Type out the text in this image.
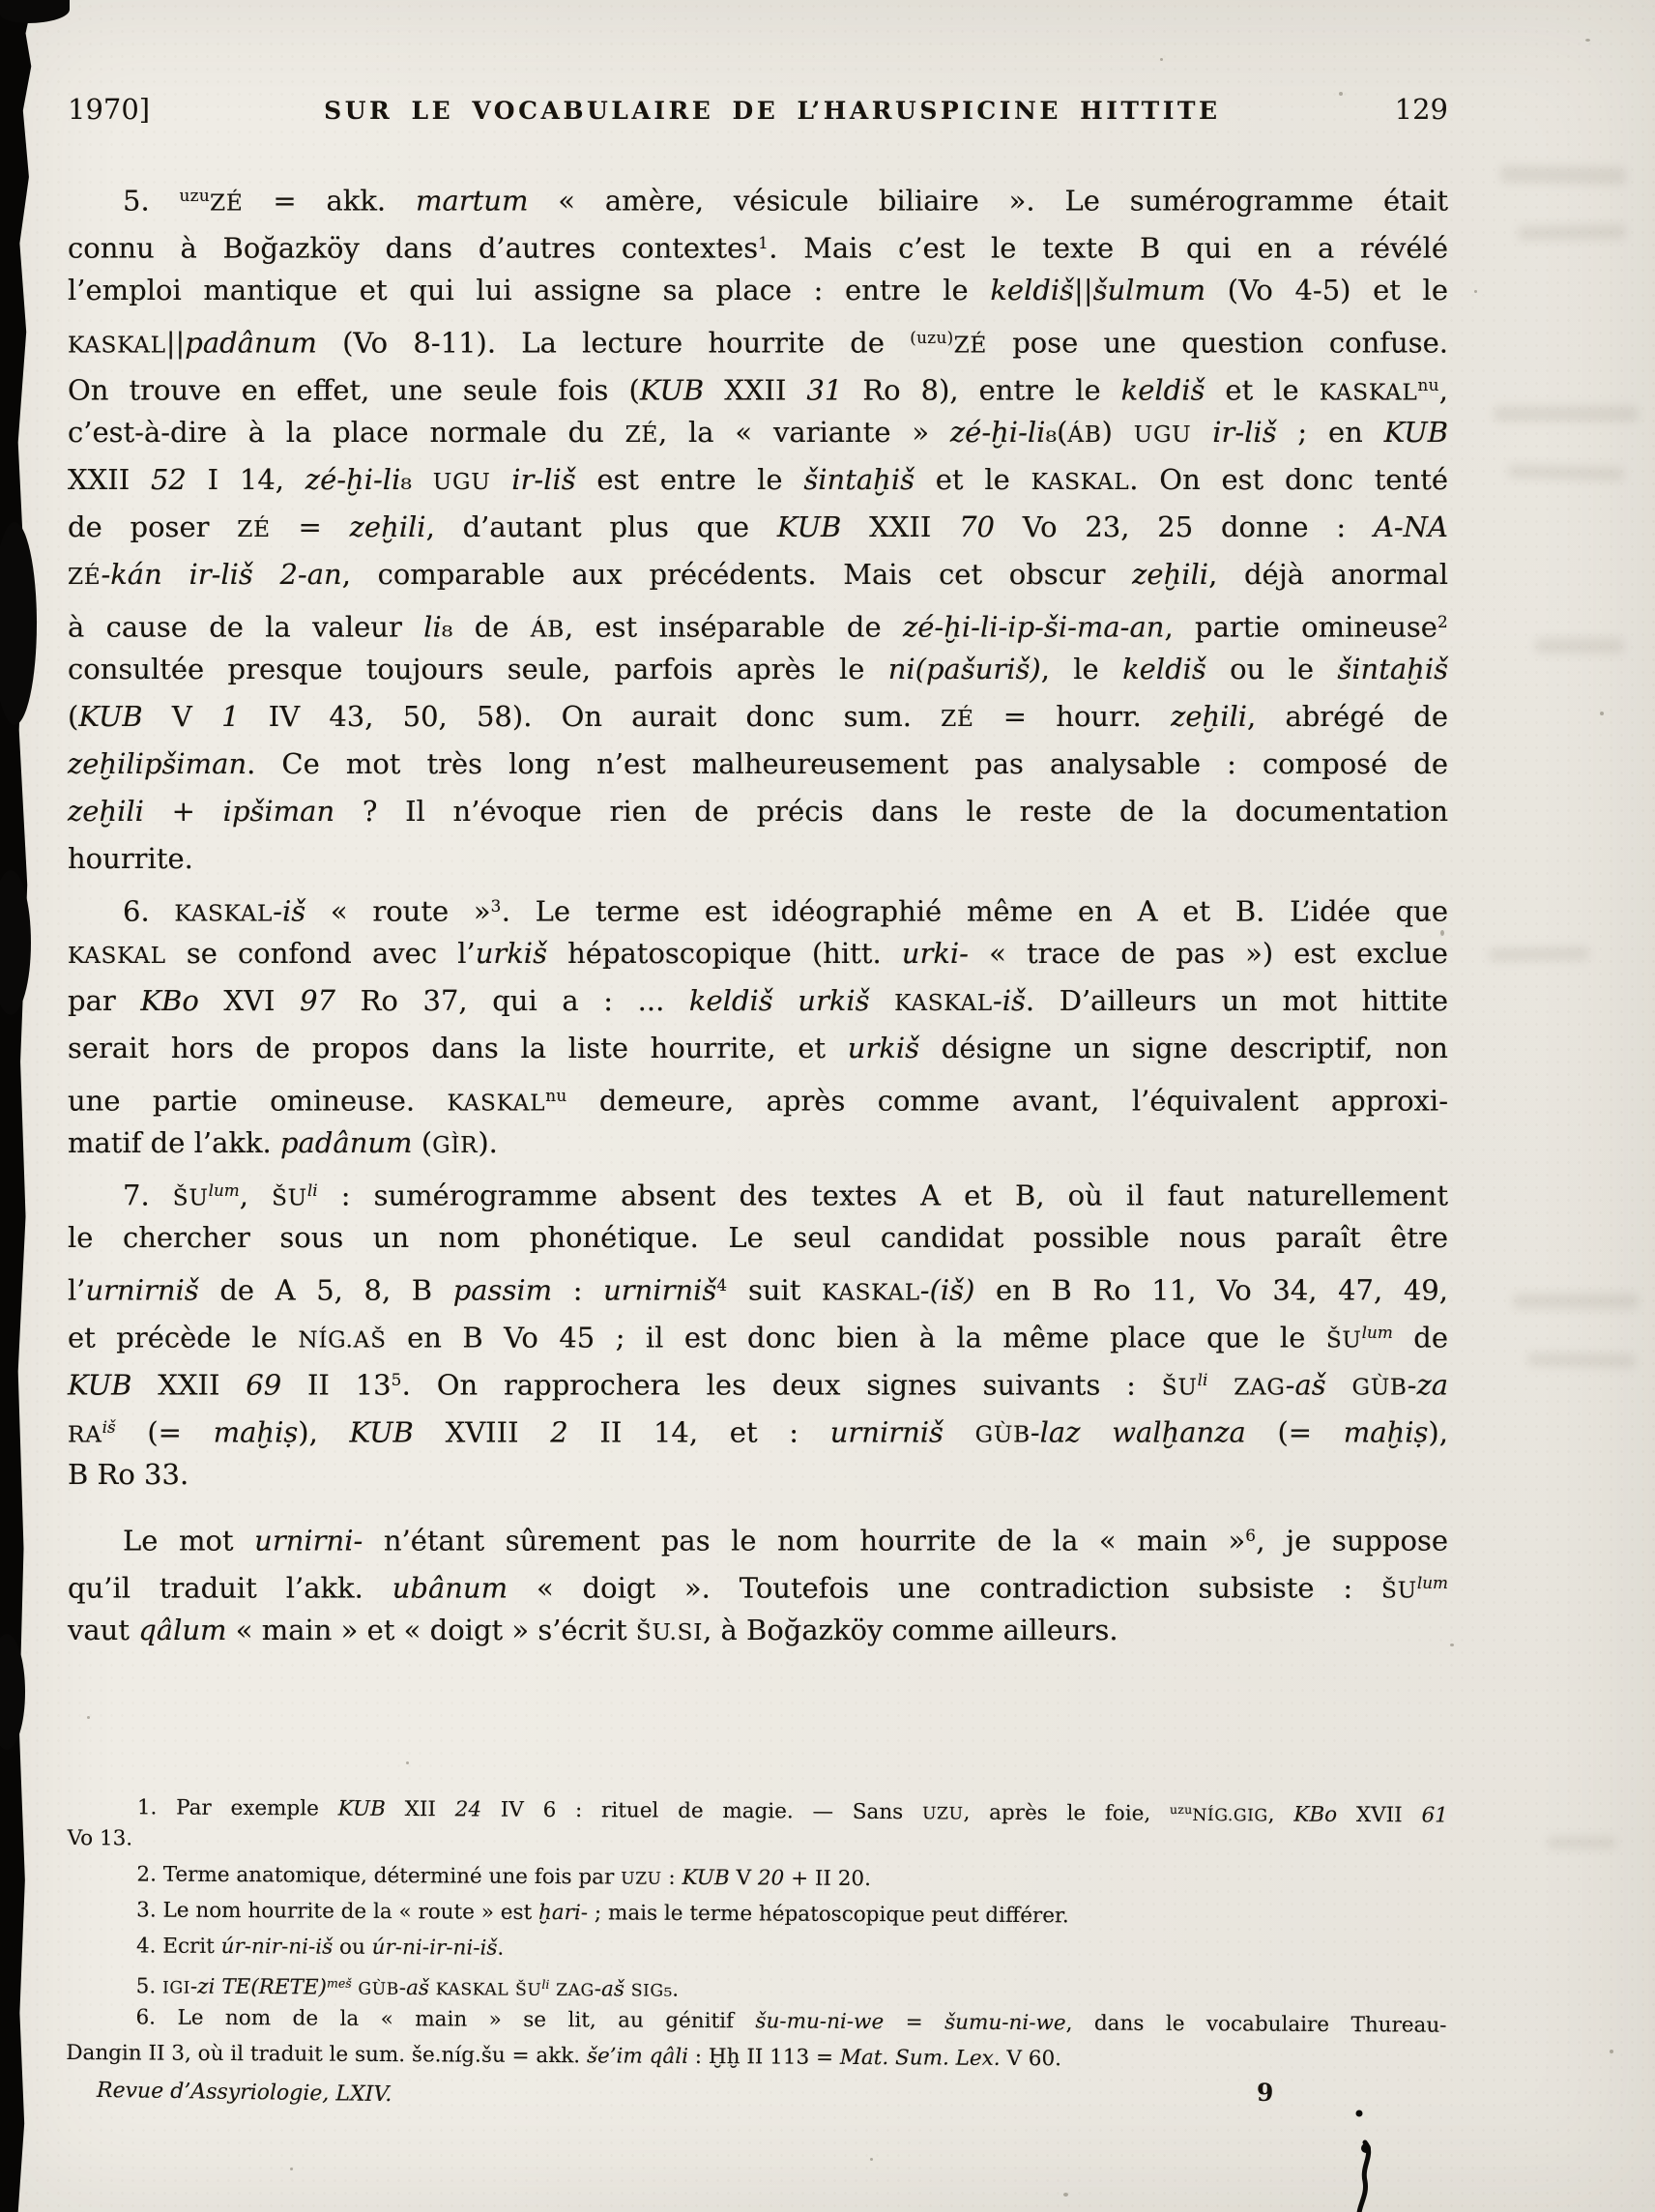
1970]	SUR LE VOCABULAIRE DE L’HARUSPICINE HITTITE	129
5. $^{uzu}$ZÉ = akk. martum « amère, vésicule biliaire ». Le sumérogramme était
connu à Boğazköy dans d’autres contextes$^1$. Mais c’est le texte B qui en a révélé
l’emploi mantique et qui lui assigne sa place : entre le keldiš||šulmum (Vo 4-5) et le
KASKAL||padânum (Vo 8-11). La lecture hourrite de $^{(uzu)}$ZÉ pose une question confuse.
On trouve en effet, une seule fois (KUB XXII 31 Ro 8), entre le keldiš et le $KASKAL^{nu}$,
c’est-à-dire à la place normale du ZÉ, la « variante » zé-ḫi-li₈(ÁB) UGU ir-liš ; en KUB
XXII 52 I 14, zé-ḫi-li₈ UGU ir-liš est entre le šintaḫiš et le KASKAL. On est donc tenté
de poser ZÉ = zeḫili, d’autant plus que KUB XXII 70 Vo 23, 25 donne : A-NA
ZÉ-kán ir-liš 2-an, comparable aux précédents. Mais cet obscur zeḫili, déjà anormal
à cause de la valeur li₈ de ÁB, est inséparable de zé-ḫi-li-ip-ši-ma-an, partie omineuse$^2$
consultée presque toujours seule, parfois après le ni(pašuriš), le keldiš ou le šintaḫiš
(KUB V 1 IV 43, 50, 58). On aurait donc sum. ZÉ = hourr. zeḫili, abrégé de
zeḫilipšiman. Ce mot très long n’est malheureusement pas analysable : composé de
zeḫili + ipšiman ? Il n’évoque rien de précis dans le reste de la documentation
hourrite.
6. KASKAL-iš « route »$^3$. Le terme est idéographié même en A et B. L’idée que
KASKAL se confond avec l’urkiš hépatoscopique (hitt. urki- « trace de pas ») est exclue
par KBo XVI 97 Ro 37, qui a : ... keldiš urkiš KASKAL-iš. D’ailleurs un mot hittite
serait hors de propos dans la liste hourrite, et urkiš désigne un signe descriptif, non
une partie omineuse. $KASKAL^{nu}$ demeure, après comme avant, l’équivalent approxi-
matif de l’akk. padânum (GÌR).
7. $ŠU^{lum}$, $ŠU^{li}$ : sumérogramme absent des textes A et B, où il faut naturellement
le chercher sous un nom phonétique. Le seul candidat possible nous paraît être
l’urnirniš de A 5, 8, B passim : urnirniš$^4$ suit KASKAL-(iš) en B Ro 11, Vo 34, 47, 49,
et précède le NÍG.AŠ en B Vo 45 ; il est donc bien à la même place que le $ŠU^{lum}$ de
KUB XXII 69 II $13^5$. On rapprochera les deux signes suivants : $ŠU^{li}$ ZAG-aš GÙB-za
$RA^{iš}$ (= maḫiṣ), KUB XVIII 2 II 14, et : urnirniš GÙB-laz walḫanza (= maḫiṣ),
B Ro 33.
Le mot urnirni- n’étant sûrement pas le nom hourrite de la « main »$^6$, je suppose
qu’il traduit l’akk. ubânum « doigt ». Toutefois une contradiction subsiste : $ŠU^{lum}$
vaut qâlum « main » et « doigt » s’écrit ŠU.SI, à Boğazköy comme ailleurs.
1. Par exemple KUB XII 24 IV 6 : rituel de magie. — Sans UZU, après le foie, $^{uzu}$NÍG.GIG, KBo XVII 61
Vo 13.
2. Terme anatomique, déterminé une fois par UZU : KUB V 20 + II 20.
3. Le nom hourrite de la « route » est ḫari- ; mais le terme hépatoscopique peut différer.
4. Ecrit úr-nir-ni-iš ou úr-ni-ir-ni-iš.
5. IGI-zi TE(RETE)$^{meš}$ GÙB-aš KASKAL $ŠU^{li}$ ZAG-aš SIG₅.
6. Le nom de la « main » se lit, au génitif šu-mu-ni-we = šumu-ni-we, dans le vocabulaire Thureau-
Dangin II 3, où il traduit le sum. še.níg.šu = akk. še’im qâli : Ḫḫ II 113 = Mat. Sum. Lex. V 60.
Revue d’Assyriologie, LXIV.	9
